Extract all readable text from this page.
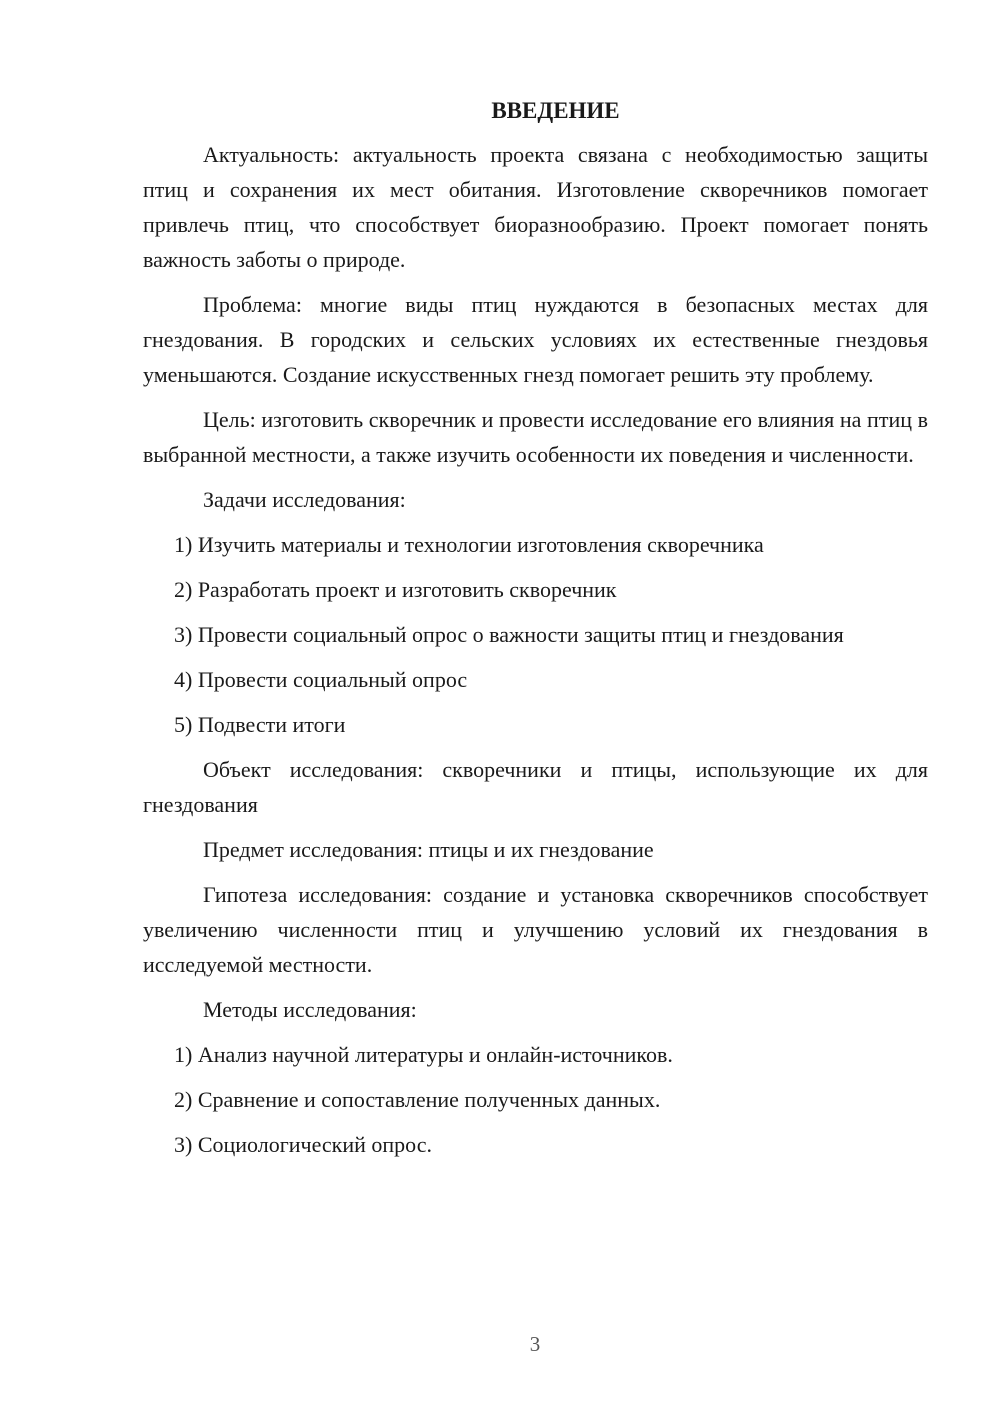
ВВЕДЕНИЕ

Актуальность: актуальность проекта связана с необходимостью защиты птиц и сохранения их мест обитания. Изготовление скворечников помогает привлечь птиц, что способствует биоразнообразию. Проект помогает понять важность заботы о природе.

Проблема: многие виды птиц нуждаются в безопасных местах для гнездования. В городских и сельских условиях их естественные гнездовья уменьшаются. Создание искусственных гнезд помогает решить эту проблему.

Цель: изготовить скворечник и провести исследование его влияния на птиц в выбранной местности, а также изучить особенности их поведения и численности.

Задачи исследования:

1) Изучить материалы и технологии изготовления скворечника

2) Разработать проект и изготовить скворечник

3) Провести социальный опрос о важности защиты птиц и гнездования

4) Провести социальный опрос

5) Подвести итоги

Объект исследования: скворечники и птицы, использующие их для гнездования

Предмет исследования: птицы и их гнездование

Гипотеза исследования: создание и установка скворечников способствует увеличению численности птиц и улучшению условий их гнездования в исследуемой местности.

Методы исследования:

1) Анализ научной литературы и онлайн-источников.

2) Сравнение и сопоставление полученных данных.

3) Социологический опрос.

3
